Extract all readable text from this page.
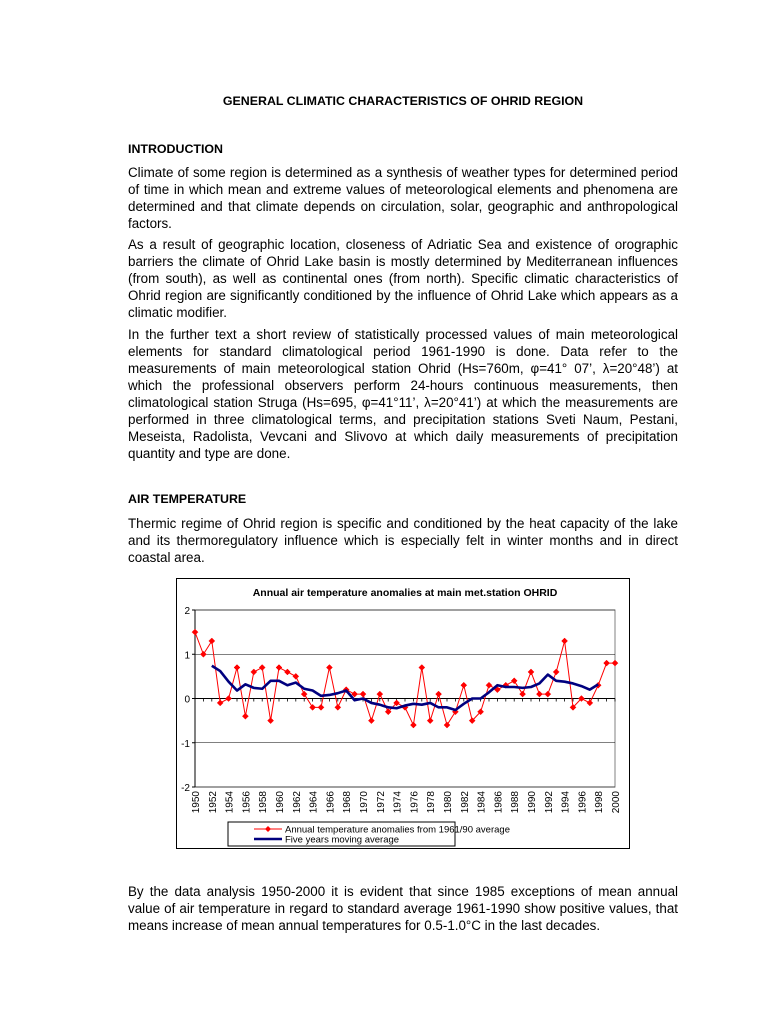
GENERAL CLIMATIC CHARACTERISTICS OF OHRID REGION
INTRODUCTION

Climate of some region is determined as a synthesis of weather types for determined period of time in which mean and extreme values of meteorological elements and phenomena are determined and that climate depends on circulation, solar, geographic and anthropological factors.

As a result of geographic location, closeness of Adriatic Sea and existence of orographic barriers the climate of Ohrid Lake basin is mostly determined by Mediterranean influences (from south), as well as continental ones (from north). Specific climatic characteristics of Ohrid region are significantly conditioned by the influence of Ohrid Lake which appears as a climatic modifier.

In the further text a short review of statistically processed values of main meteorological elements for standard climatological period 1961-1990 is done. Data refer to the measurements of main meteorological station Ohrid (Hs=760m, φ=41° 07’, λ=20°48’) at which the professional observers perform 24-hours continuous measurements, then climatological station Struga (Hs=695, φ=41°11’, λ=20°41’) at which the measurements are performed in three climatological terms, and precipitation stations Sveti Naum, Pestani, Meseista, Radolista, Vevcani and Slivovo at which daily measurements of precipitation quantity and type are done.

AIR TEMPERATURE

Thermic regime of Ohrid region is specific and conditioned by the heat capacity of the lake and its thermoregulatory influence which is especially felt in winter months and in direct coastal area.

Annual air temperature anomalies at main met.station OHRID
2
1
0
-1
-2
1950 1952 1954 1956 1958 1960 1962 1964 1966 1968 1970 1972 1974 1976 1978 1980 1982 1984 1986 1988 1990 1992 1994 1996 1998 2000
Annual temperature anomalies from 1961/90 average
Five years moving average

By the data analysis 1950-2000 it is evident that since 1985 exceptions of mean annual value of air temperature in regard to standard average 1961-1990 show positive values, that means increase of mean annual temperatures for 0.5-1.0°C in the last decades.
